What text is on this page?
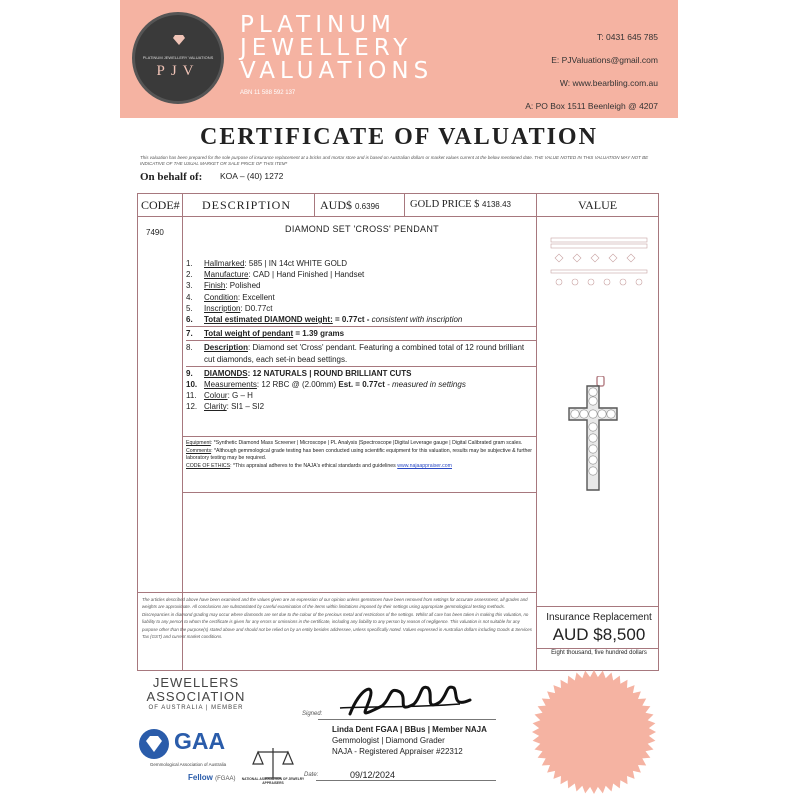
PLATINUM JEWELLERY VALUATIONS
PJV
PLATINUM
JEWELLERY
VALUATIONS
ABN 11 588 592 137
T: 0431 645 785
E: PJValuations@gmail.com
W: www.bearbling.com.au
A: PO Box 1511 Beenleigh @ 4207
CERTIFICATE OF VALUATION
This valuation has been prepared for the sole purpose of insurance replacement at a bricks and mortar store and is based on Australian dollars or market values current at the below mentioned date. THE VALUE NOTED IN THIS VALUATION MAY NOT BE INDICATIVE OF THE USUAL MARKET OR SALE PRICE OF THIS ITEM*
On behalf of: KOA – (40) 1272
CODE# DESCRIPTION AUD$ 0.6396	GOLD PRICE $ 4138.43	VALUE
7490	DIAMOND SET 'CROSS' PENDANT
1.	Hallmarked: 585 | IN 14ct WHITE GOLD
2.	Manufacture: CAD | Hand Finished | Handset
3.	Finish: Polished
4.	Condition: Excellent
5.	Inscription: D0.77ct
6.	Total estimated DIAMOND weight: = 0.77ct - consistent with inscription
7.	Total weight of pendant = 1.39 grams
8.	Description: Diamond set 'Cross' pendant. Featuring a combined total of 12 round brilliant cut diamonds, each set-in bead settings.
9.	DIAMONDS: 12 NATURALS | ROUND BRILLIANT CUTS
10. Measurements: 12 RBC @ (2.00mm) Est. = 0.77ct - measured in settings
11. Colour: G – H
12. Clarity: SI1 – SI2
Equipment: *Synthetic Diamond Mass Screener | Microscope | PL Analysis |Spectroscope |Digital Leverage gauge | Digital Calibrated gram scales.
Comments: *Although gemmological grade testing has been conducted using scientific equipment for this valuation, results may be subjective & further laboratory testing may be required.
CODE OF ETHICS: *This appraisal adheres to the NAJA's ethical standards and guidelines www.najaappraiser.com
The articles described above have been examined and the values given are an expression of our opinion unless gemstones have been removed from settings for accurate assessment, all grades and weights are approximate. All conclusions are substantiated by careful examination of the items within limitations imposed by their settings using appropriate gemmological testing methods. Discrepancies in diamond grading may occur where diamonds are set due to the colour of the precious metal and restrictions of the settings. Whilst all care has been taken in making this valuation, no liability to any person to whom the certificate is given for any errors or omissions in the certificate, including any liability to any person by reason of negligence. This valuation is not suitable for any purpose other than the purpose(s) stated above and should not be relied on by an entity besides addressee, unless specifically noted. Values expressed in Australian dollars including Goods & Services Tax (GST) and current market conditions.
Insurance Replacement
AUD $8,500
Eight thousand, five hundred dollars
JEWELLERS
ASSOCIATION
OF AUSTRALIA | MEMBER
GAA
Gemmological Association of Australia
Fellow (FGAA)	NATIONAL ASSOCIATION OF JEWELRY APPRAISERS
Signed:
Linda Dent FGAA | BBus | Member NAJA
Gemmologist | Diamond Grader
NAJA - Registered Appraiser #22312
Date:	09/12/2024
